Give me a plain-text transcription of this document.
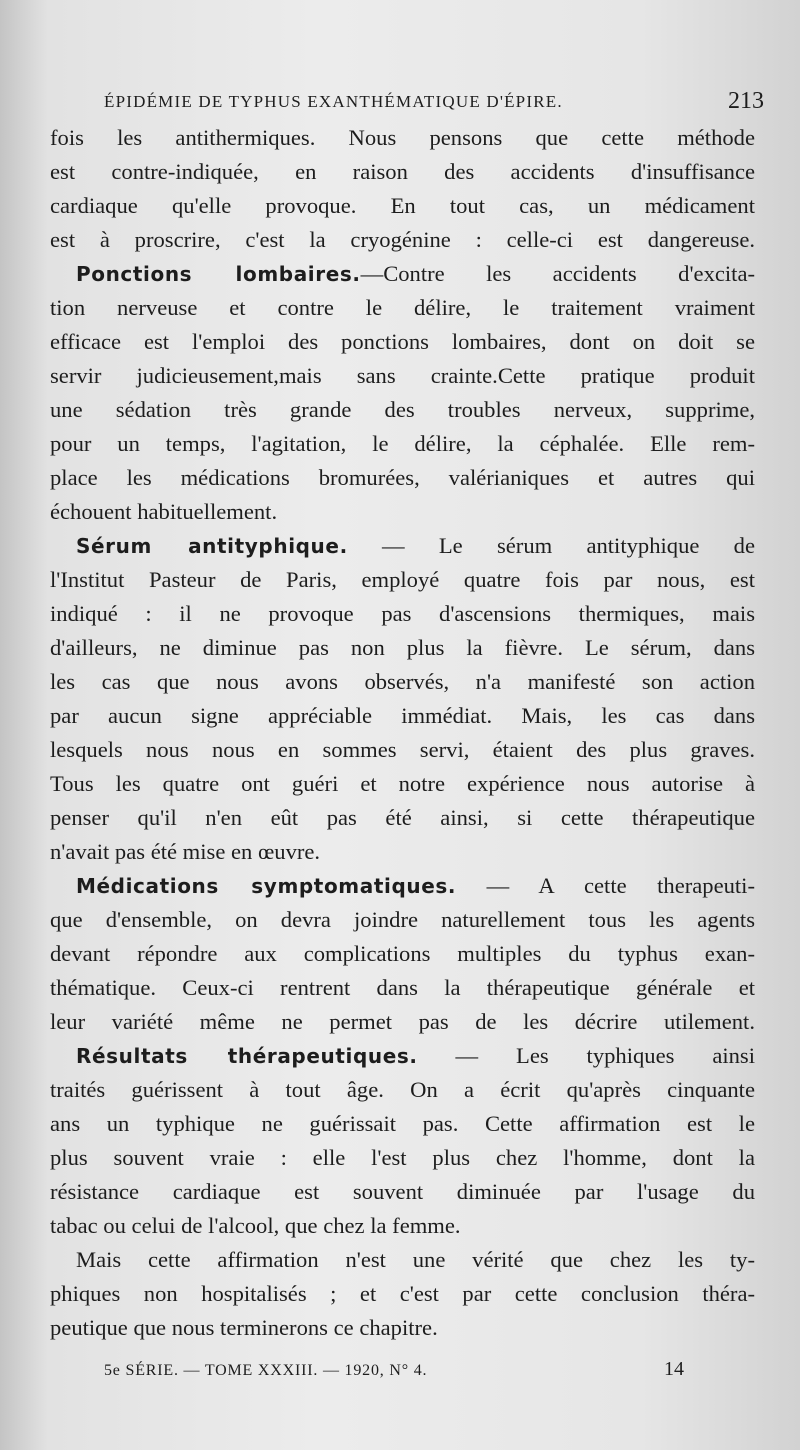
ÉPIDÉMIE DE TYPHUS EXANTHÉMATIQUE D'ÉPIRE.	213
fois les antithermiques. Nous pensons que cette méthode
est contre-indiquée, en raison des accidents d'insuffisance
cardiaque qu'elle provoque. En tout cas, un médicament
est à proscrire, c'est la cryogénine : celle-ci est dangereuse.
Ponctions lombaires.—Contre les accidents d'excita-
tion nerveuse et contre le délire, le traitement vraiment
efficace est l'emploi des ponctions lombaires, dont on doit se
servir judicieusement,mais sans crainte.Cette pratique produit
une sédation très grande des troubles nerveux, supprime,
pour un temps, l'agitation, le délire, la céphalée. Elle rem-
place les médications bromurées, valérianiques et autres qui
échouent habituellement.
Sérum antityphique. — Le sérum antityphique de
l'Institut Pasteur de Paris, employé quatre fois par nous, est
indiqué : il ne provoque pas d'ascensions thermiques, mais
d'ailleurs, ne diminue pas non plus la fièvre. Le sérum, dans
les cas que nous avons observés, n'a manifesté son action
par aucun signe appréciable immédiat. Mais, les cas dans
lesquels nous nous en sommes servi, étaient des plus graves.
Tous les quatre ont guéri et notre expérience nous autorise à
penser qu'il n'en eût pas été ainsi, si cette thérapeutique
n'avait pas été mise en œuvre.
Médications symptomatiques. — A cette therapeuti-
que d'ensemble, on devra joindre naturellement tous les agents
devant répondre aux complications multiples du typhus exan-
thématique. Ceux-ci rentrent dans la thérapeutique générale et
leur variété même ne permet pas de les décrire utilement.
Résultats thérapeutiques. — Les typhiques ainsi
traités guérissent à tout âge. On a écrit qu'après cinquante
ans un typhique ne guérissait pas. Cette affirmation est le
plus souvent vraie : elle l'est plus chez l'homme, dont la
résistance cardiaque est souvent diminuée par l'usage du
tabac ou celui de l'alcool, que chez la femme.
Mais cette affirmation n'est une vérité que chez les ty-
phiques non hospitalisés ; et c'est par cette conclusion théra-
peutique que nous terminerons ce chapitre.
5e SÉRIE. — TOME XXXIII. — 1920, N° 4.	14
